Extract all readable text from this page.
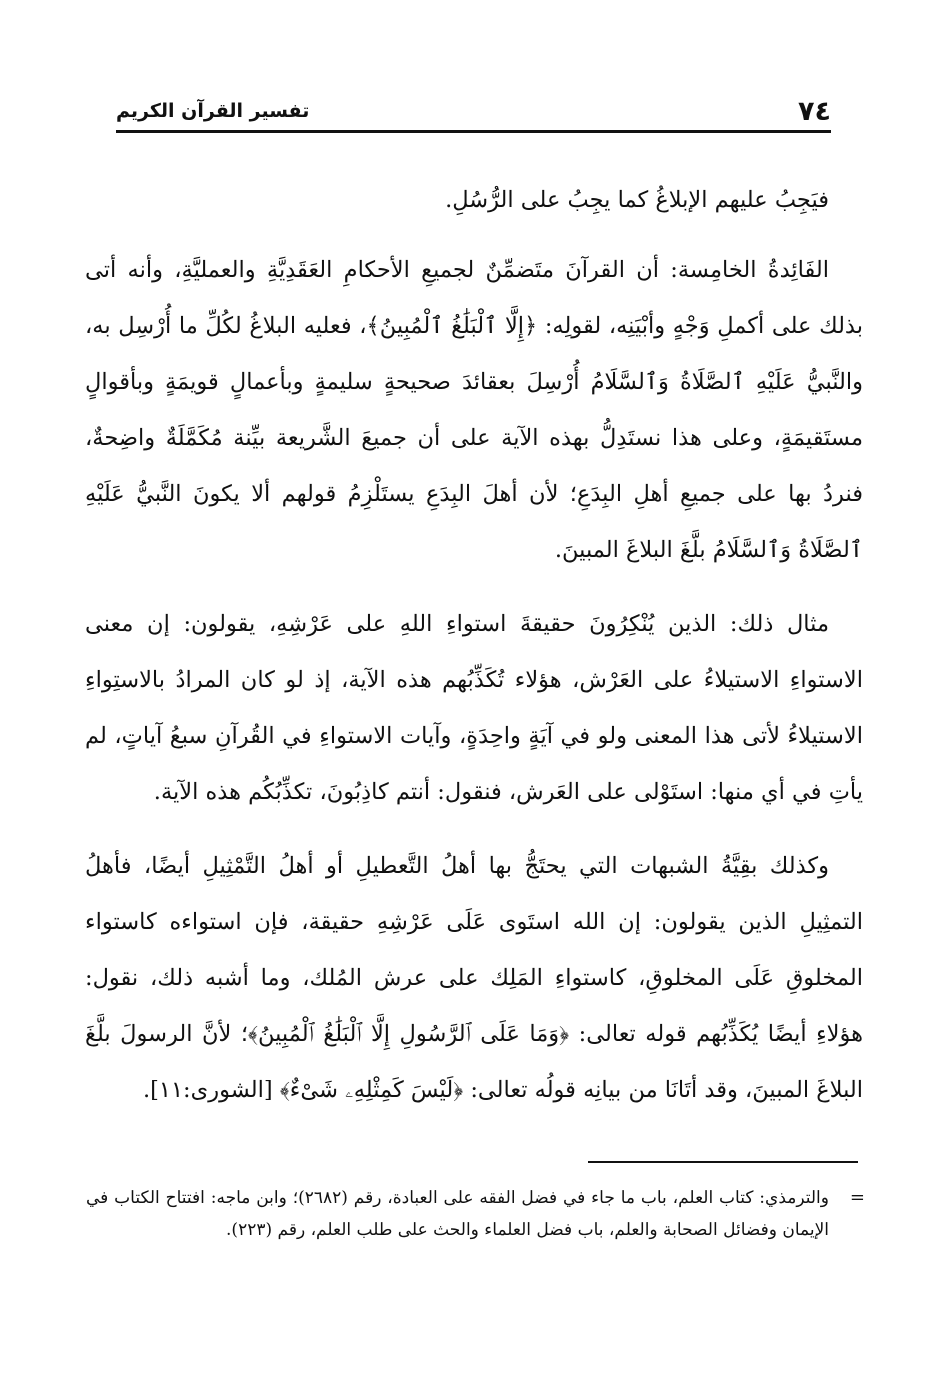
٧٤
تفسير القرآن الكريم

فيَجِبُ عليهم الإبلاغُ كما يجِبُ على الرُّسُلِ.

الفَائِدةُ الخامِسة: أن القرآنَ متَضمِّنٌ لجميعِ الأحكامِ العَقَدِيَّةِ والعمليَّةِ، وأنه أتى بذلك على أكملِ وَجْهٍ وأبْيَنِه، لقولِه: ﴿إِلَّا ٱلْبَلَٰغُ ٱلْمُبِينُ﴾، فعليه البلاغُ لكُلِّ ما أُرْسِل به، والنَّبيُّ عَلَيْهِ ٱلصَّلَاةُ وَٱلسَّلَامُ أُرْسِلَ بعقائدَ صحيحةٍ سليمةٍ وبأعمالٍ قويمَةٍ وبأقوالٍ مستَقيمَةٍ، وعلى هذا نستَدِلُّ بهذه الآية على أن جميعَ الشَّريعة بيِّنة مُكَمَّلَةٌ واضِحةٌ، فنردُ بها على جميعِ أهلِ البِدَعِ؛ لأن أهلَ البِدَعِ يستَلْزِمُ قولهم ألا يكونَ النَّبيُّ عَلَيْهِ ٱلصَّلَاةُ وَٱلسَّلَامُ بلَّغَ البلاغَ المبينَ.

مثال ذلك: الذين يُنْكِرُونَ حقيقةَ استواءِ اللهِ على عَرْشِهِ، يقولون: إن معنى الاستواءِ الاستيلاءُ على العَرْش، هؤلاء تُكَذِّبُهم هذه الآية، إذ لو كان المرادُ بالاستِواءِ الاستيلاءُ لأتى هذا المعنى ولو في آيَةٍ واحِدَةٍ، وآيات الاستواءِ في القُرآنِ سبعُ آياتٍ، لم يأتِ في أي منها: استَوْلى على العَرش، فنقول: أنتم كاذِبُونَ، تكذِّبُكُم هذه الآية.

وكذلك بقِيَّةُ الشبهات التي يحتَجُّ بها أهلُ التَّعطيلِ أو أهلُ التَّمْثِيلِ أيضًا، فأهلُ التمثِيلِ الذين يقولون: إن الله استَوى عَلَى عَرْشِهِ حقيقة، فإن استواءه كاستواء المخلوقِ عَلَى المخلوقِ، كاستواءِ المَلِك على عرش المُلك، وما أشبه ذلك، نقول: هؤلاءِ أيضًا يُكَذِّبُهم قوله تعالى: ﴿وَمَا عَلَى ٱلرَّسُولِ إِلَّا ٱلْبَلَٰغُ ٱلْمُبِينُ﴾؛ لأنَّ الرسولَ بلَّغَ البلاغَ المبينَ، وقد أتَانَا من بيانِه قولُه تعالى: ﴿لَيْسَ كَمِثْلِهِۦ شَىْءٌ﴾ [الشورى:١١].

=
والترمذي: كتاب العلم، باب ما جاء في فضل الفقه على العبادة، رقم (٢٦٨٢)؛ وابن ماجه: افتتاح الكتاب في الإيمان وفضائل الصحابة والعلم، باب فضل العلماء والحث على طلب العلم، رقم (٢٢٣).
